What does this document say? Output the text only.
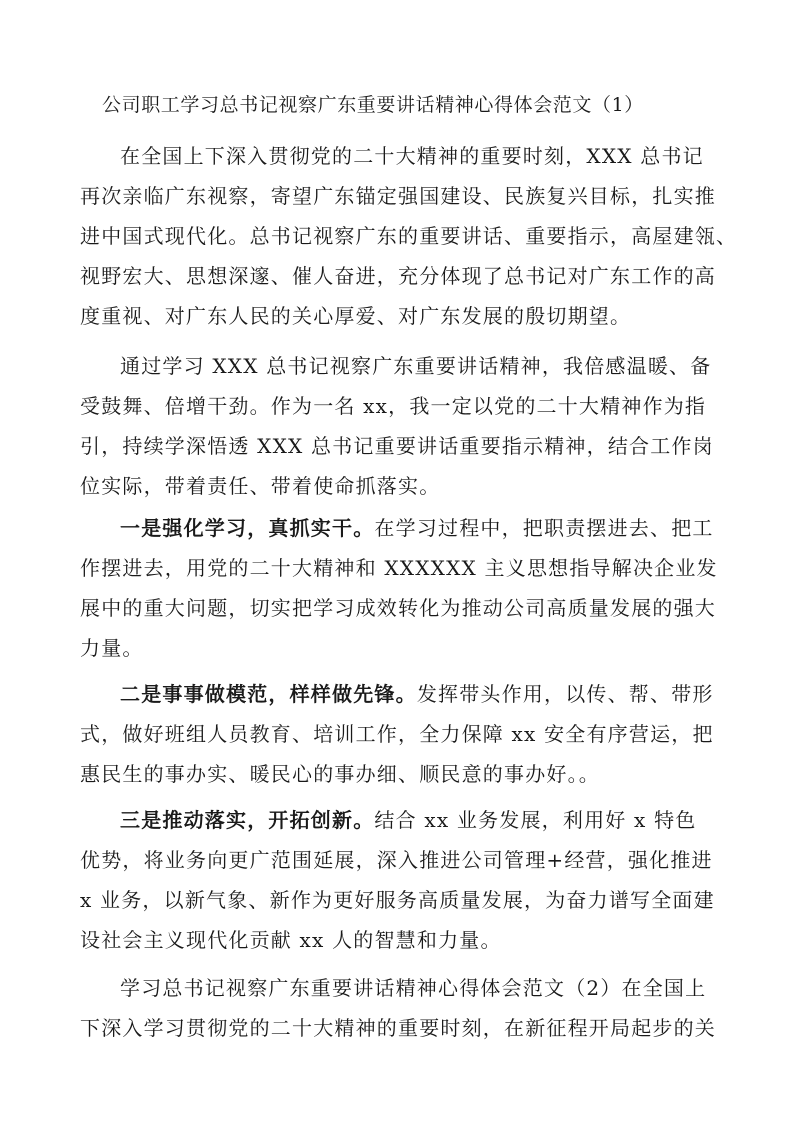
公司职工学习总书记视察广东重要讲话精神心得体会范文（1）
在全国上下深入贯彻党的二十大精神的重要时刻，XXX 总书记
再次亲临广东视察，寄望广东锚定强国建设、民族复兴目标，扎实推
进中国式现代化。总书记视察广东的重要讲话、重要指示，高屋建瓴、
视野宏大、思想深邃、催人奋进，充分体现了总书记对广东工作的高
度重视、对广东人民的关心厚爱、对广东发展的殷切期望。
通过学习 XXX 总书记视察广东重要讲话精神，我倍感温暖、备
受鼓舞、倍增干劲。作为一名 xx，我一定以党的二十大精神作为指
引，持续学深悟透 XXX 总书记重要讲话重要指示精神，结合工作岗
位实际，带着责任、带着使命抓落实。
一是强化学习，真抓实干。在学习过程中，把职责摆进去、把工
作摆进去，用党的二十大精神和 XXXXXX 主义思想指导解决企业发
展中的重大问题，切实把学习成效转化为推动公司高质量发展的强大
力量。
二是事事做模范，样样做先锋。发挥带头作用，以传、帮、带形
式，做好班组人员教育、培训工作，全力保障 xx 安全有序营运，把
惠民生的事办实、暖民心的事办细、顺民意的事办好。。
三是推动落实，开拓创新。结合 xx 业务发展，利用好 x 特色
优势，将业务向更广范围延展，深入推进公司管理+经营，强化推进
x 业务，以新气象、新作为更好服务高质量发展，为奋力谱写全面建
设社会主义现代化贡献 xx 人的智慧和力量。
学习总书记视察广东重要讲话精神心得体会范文（2）在全国上
下深入学习贯彻党的二十大精神的重要时刻，在新征程开局起步的关
